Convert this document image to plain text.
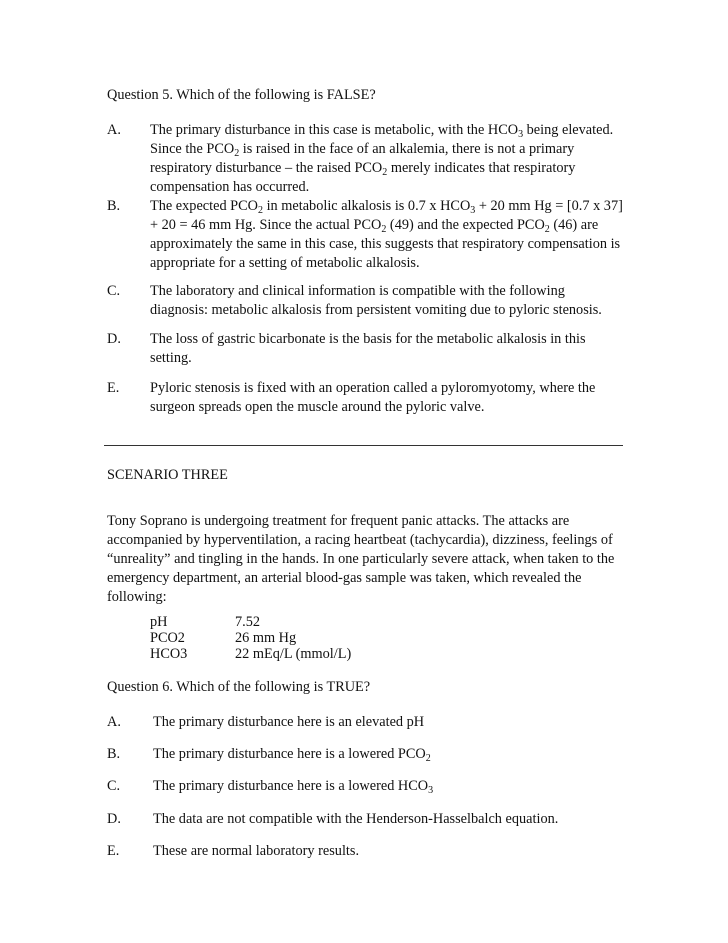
Question 5. Which of the following is FALSE?

A.	The primary disturbance in this case is metabolic, with the $HCO_3$ being elevated. Since the $PCO_2$ is raised in the face of an alkalemia, there is not a primary respiratory disturbance – the raised $PCO_2$ merely indicates that respiratory compensation has occurred.
B.	The expected $PCO_2$ in metabolic alkalosis is 0.7 x $HCO_3 + 20$ mm Hg = [0.7 x 37] + 20 = 46 mm Hg. Since the actual $PCO_2$ (49) and the expected $PCO_2$ (46) are approximately the same in this case, this suggests that respiratory compensation is appropriate for a setting of metabolic alkalosis.
C.	The laboratory and clinical information is compatible with the following diagnosis: metabolic alkalosis from persistent vomiting due to pyloric stenosis.
D.	The loss of gastric bicarbonate is the basis for the metabolic alkalosis in this setting.
E.	Pyloric stenosis is fixed with an operation called a pyloromyotomy, where the surgeon spreads open the muscle around the pyloric valve.

SCENARIO THREE

Tony Soprano is undergoing treatment for frequent panic attacks. The attacks are accompanied by hyperventilation, a racing heartbeat (tachycardia), dizziness, feelings of “unreality” and tingling in the hands. In one particularly severe attack, when taken to the emergency department, an arterial blood-gas sample was taken, which revealed the following:

pH	7.52
PCO2	26 mm Hg
HCO3	22 mEq/L (mmol/L)

Question 6. Which of the following is TRUE?

A.	The primary disturbance here is an elevated pH
B.	The primary disturbance here is a lowered $PCO_2$
C.	The primary disturbance here is a lowered $HCO_3$
D.	The data are not compatible with the Henderson-Hasselbalch equation.
E.	These are normal laboratory results.
